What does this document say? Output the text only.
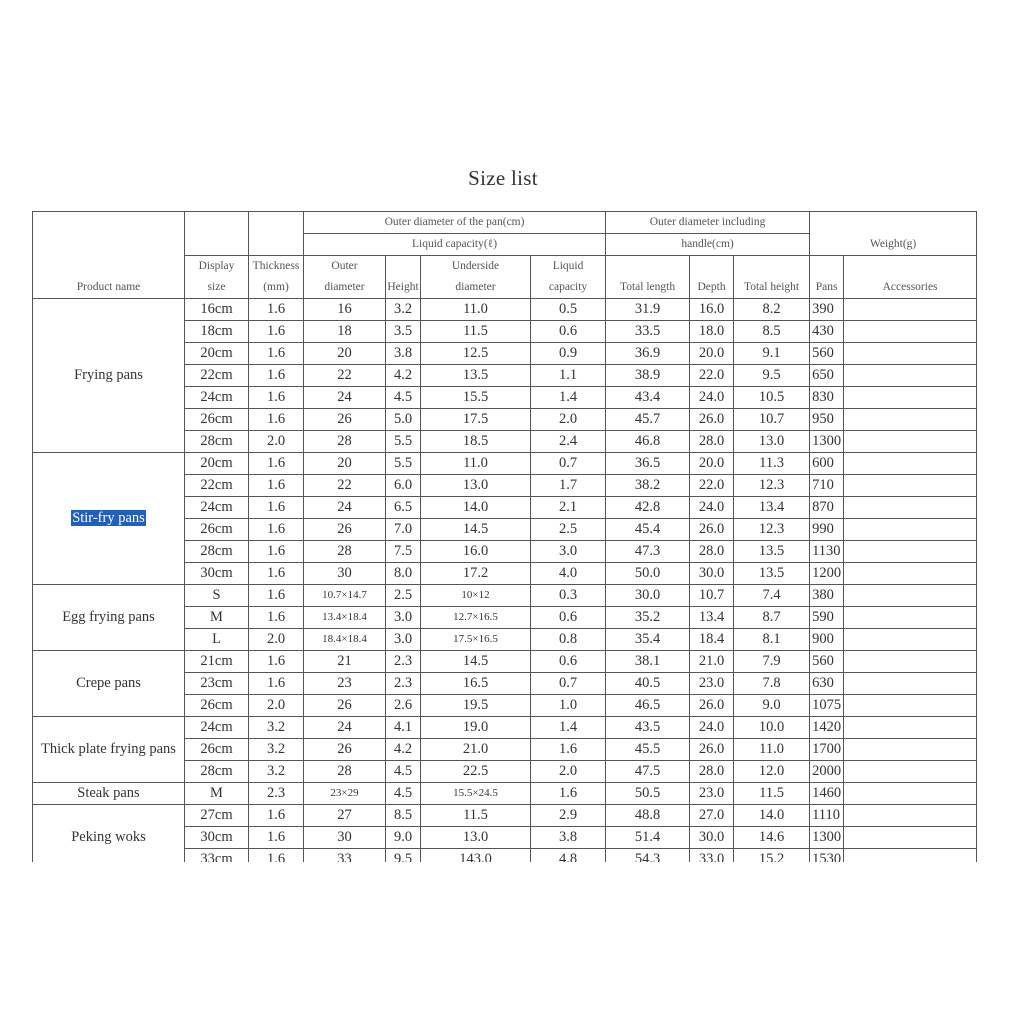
Size list
Product name			Outer diameter of the pan(cm)				Outer diameter including			Weight(g)	
			Liquid capacity(ℓ)				handle(cm)				
	Display	Thickness	Outer	Height	Underside	Liquid	Total length	Depth	Total height	Pans	Accessories
	size	(mm)	diameter		diameter	capacity					
Frying pans	16cm	1.6	16	3.2	11.0	0.5	31.9	16.0	8.2	390	
	18cm	1.6	18	3.5	11.5	0.6	33.5	18.0	8.5	430	
	20cm	1.6	20	3.8	12.5	0.9	36.9	20.0	9.1	560	
	22cm	1.6	22	4.2	13.5	1.1	38.9	22.0	9.5	650	
	24cm	1.6	24	4.5	15.5	1.4	43.4	24.0	10.5	830	
	26cm	1.6	26	5.0	17.5	2.0	45.7	26.0	10.7	950	
	28cm	2.0	28	5.5	18.5	2.4	46.8	28.0	13.0	1300	
Stir-fry pans	20cm	1.6	20	5.5	11.0	0.7	36.5	20.0	11.3	600	
	22cm	1.6	22	6.0	13.0	1.7	38.2	22.0	12.3	710	
	24cm	1.6	24	6.5	14.0	2.1	42.8	24.0	13.4	870	
	26cm	1.6	26	7.0	14.5	2.5	45.4	26.0	12.3	990	
	28cm	1.6	28	7.5	16.0	3.0	47.3	28.0	13.5	1130	
	30cm	1.6	30	8.0	17.2	4.0	50.0	30.0	13.5	1200	
Egg frying pans	S	1.6	10.7×14.7	2.5	10×12	0.3	30.0	10.7	7.4	380	
	M	1.6	13.4×18.4	3.0	12.7×16.5	0.6	35.2	13.4	8.7	590	
	L	2.0	18.4×18.4	3.0	17.5×16.5	0.8	35.4	18.4	8.1	900	
Crepe pans	21cm	1.6	21	2.3	14.5	0.6	38.1	21.0	7.9	560	
	23cm	1.6	23	2.3	16.5	0.7	40.5	23.0	7.8	630	
	26cm	2.0	26	2.6	19.5	1.0	46.5	26.0	9.0	1075	
Thick plate frying pans	24cm	3.2	24	4.1	19.0	1.4	43.5	24.0	10.0	1420	
	26cm	3.2	26	4.2	21.0	1.6	45.5	26.0	11.0	1700	
	28cm	3.2	28	4.5	22.5	2.0	47.5	28.0	12.0	2000	
Steak pans	M	2.3	23×29	4.5	15.5×24.5	1.6	50.5	23.0	11.5	1460	
Peking woks	27cm	1.6	27	8.5	11.5	2.9	48.8	27.0	14.0	1110	
	30cm	1.6	30	9.0	13.0	3.8	51.4	30.0	14.6	1300	
	33cm	1.6	33	9.5	143.0	4.8	54.3	33.0	15.2	1530	
